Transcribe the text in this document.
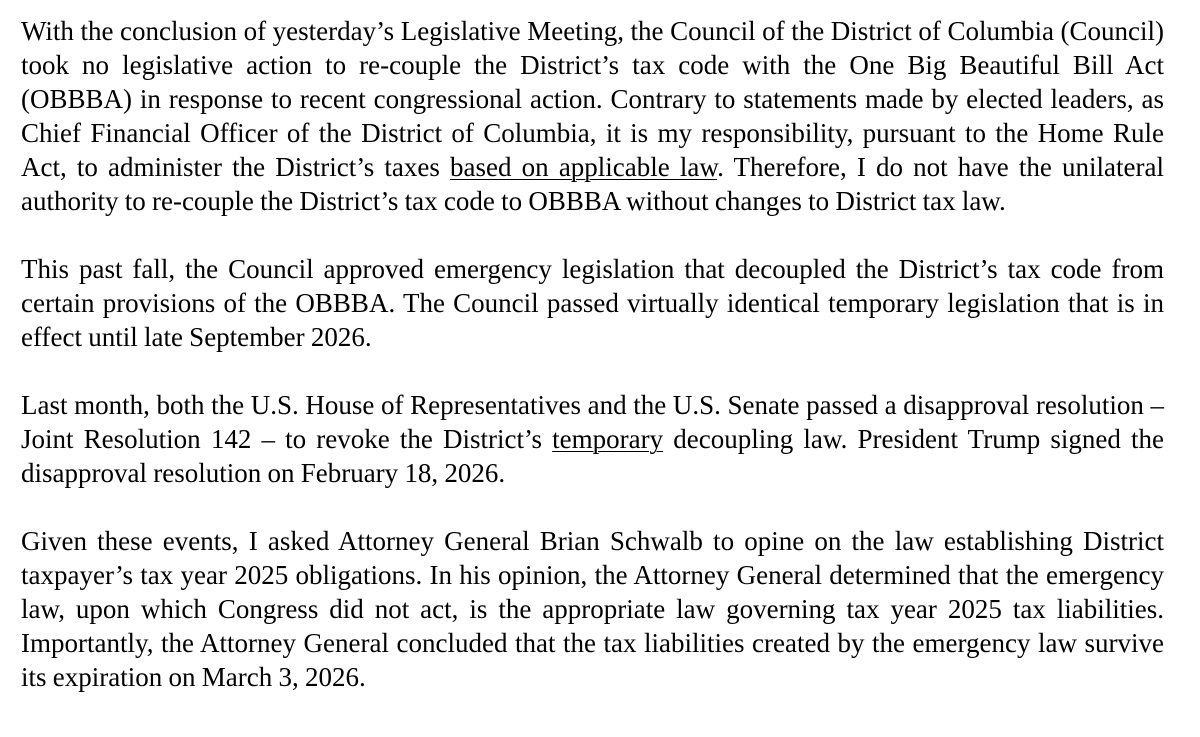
With the conclusion of yesterday’s Legislative Meeting, the Council of the District of Columbia (Council) took no legislative action to re-couple the District’s tax code with the One Big Beautiful Bill Act (OBBBA) in response to recent congressional action. Contrary to statements made by elected leaders, as Chief Financial Officer of the District of Columbia, it is my responsibility, pursuant to the Home Rule Act, to administer the District’s taxes based on applicable law. Therefore, I do not have the unilateral authority to re-couple the District’s tax code to OBBBA without changes to District tax law.

This past fall, the Council approved emergency legislation that decoupled the District’s tax code from certain provisions of the OBBBA. The Council passed virtually identical temporary legislation that is in effect until late September 2026.

Last month, both the U.S. House of Representatives and the U.S. Senate passed a disapproval resolution – Joint Resolution 142 – to revoke the District’s temporary decoupling law. President Trump signed the disapproval resolution on February 18, 2026.

Given these events, I asked Attorney General Brian Schwalb to opine on the law establishing District taxpayer’s tax year 2025 obligations. In his opinion, the Attorney General determined that the emergency law, upon which Congress did not act, is the appropriate law governing tax year 2025 tax liabilities. Importantly, the Attorney General concluded that the tax liabilities created by the emergency law survive its expiration on March 3, 2026.
